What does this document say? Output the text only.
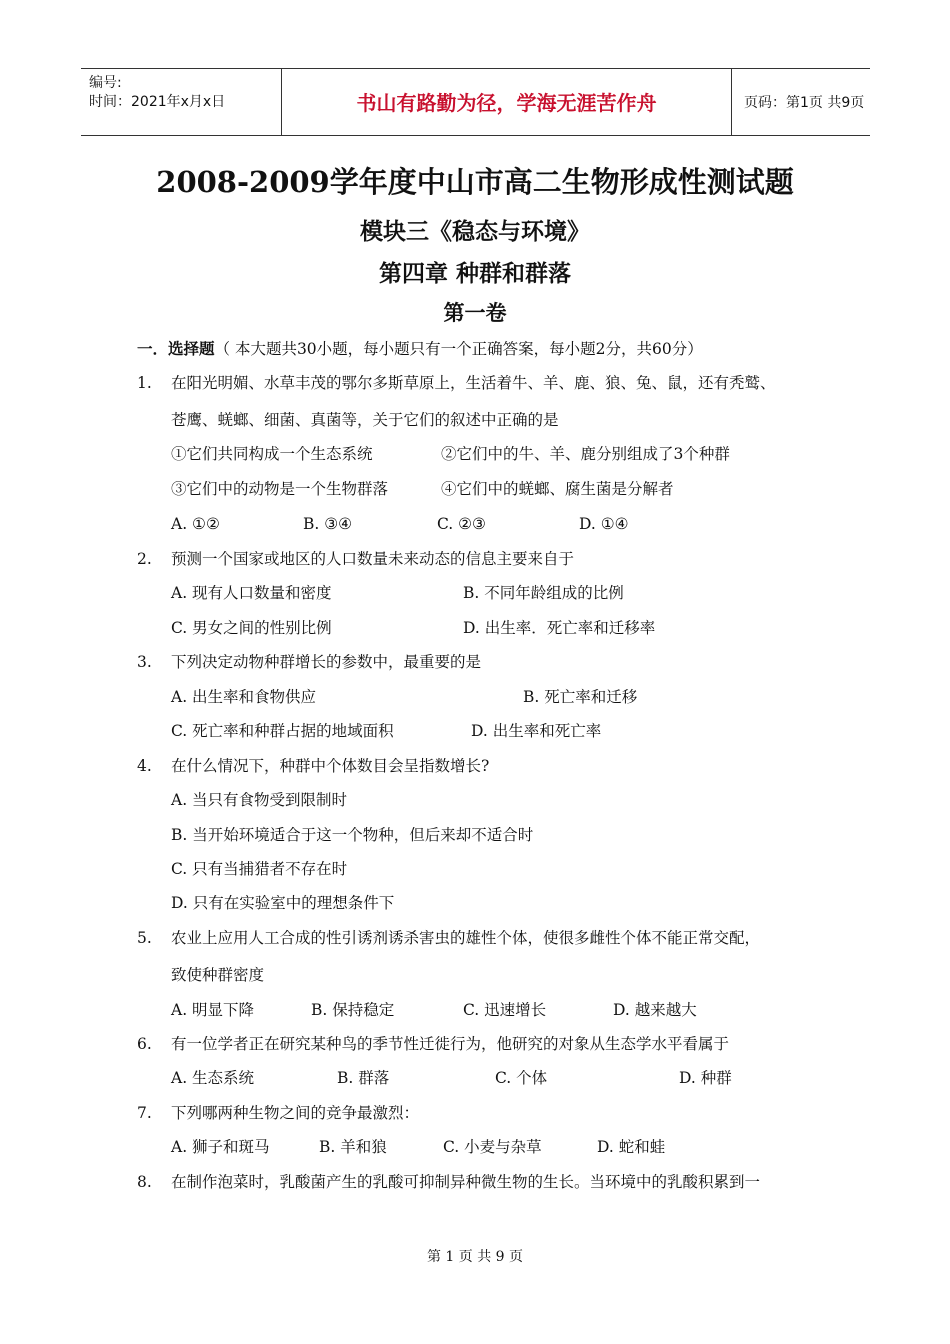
编号:
时间：2021年x月x日	书山有路勤为径，学海无涯苦作舟	页码：第1页 共9页
2008-2009学年度中山市高二生物形成性测试题
模块三《稳态与环境》
第四章 种群和群落
第一卷
一．选择题（ 本大题共30小题，每小题只有一个正确答案，每小题2分，共60分）
1. 在阳光明媚、水草丰茂的鄂尔多斯草原上，生活着牛、羊、鹿、狼、兔、鼠，还有秃鹫、
苍鹰、蜣螂、细菌、真菌等，关于它们的叙述中正确的是
①它们共同构成一个生态系统	②它们中的牛、羊、鹿分别组成了3个种群
③它们中的动物是一个生物群落	④它们中的蜣螂、腐生菌是分解者
A. ①②	B. ③④	C. ②③	D. ①④
2. 预测一个国家或地区的人口数量未来动态的信息主要来自于
A. 现有人口数量和密度	B. 不同年龄组成的比例
C. 男女之间的性别比例	D. 出生率．死亡率和迁移率
3. 下列决定动物种群增长的参数中，最重要的是
A. 出生率和食物供应	B. 死亡率和迁移
C. 死亡率和种群占据的地域面积	D. 出生率和死亡率
4. 在什么情况下，种群中个体数目会呈指数增长?
A. 当只有食物受到限制时
B. 当开始环境适合于这一个物种，但后来却不适合时
C. 只有当捕猎者不存在时
D. 只有在实验室中的理想条件下
5. 农业上应用人工合成的性引诱剂诱杀害虫的雄性个体，使很多雌性个体不能正常交配，
致使种群密度
A. 明显下降	B. 保持稳定	C. 迅速增长	D. 越来越大
6. 有一位学者正在研究某种鸟的季节性迁徙行为，他研究的对象从生态学水平看属于
A. 生态系统	B. 群落	C. 个体	D. 种群
7. 下列哪两种生物之间的竞争最激烈：
A. 狮子和斑马	B. 羊和狼	C. 小麦与杂草	D. 蛇和蛙
8. 在制作泡菜时，乳酸菌产生的乳酸可抑制异种微生物的生长。当环境中的乳酸积累到一
第 1 页 共 9 页
